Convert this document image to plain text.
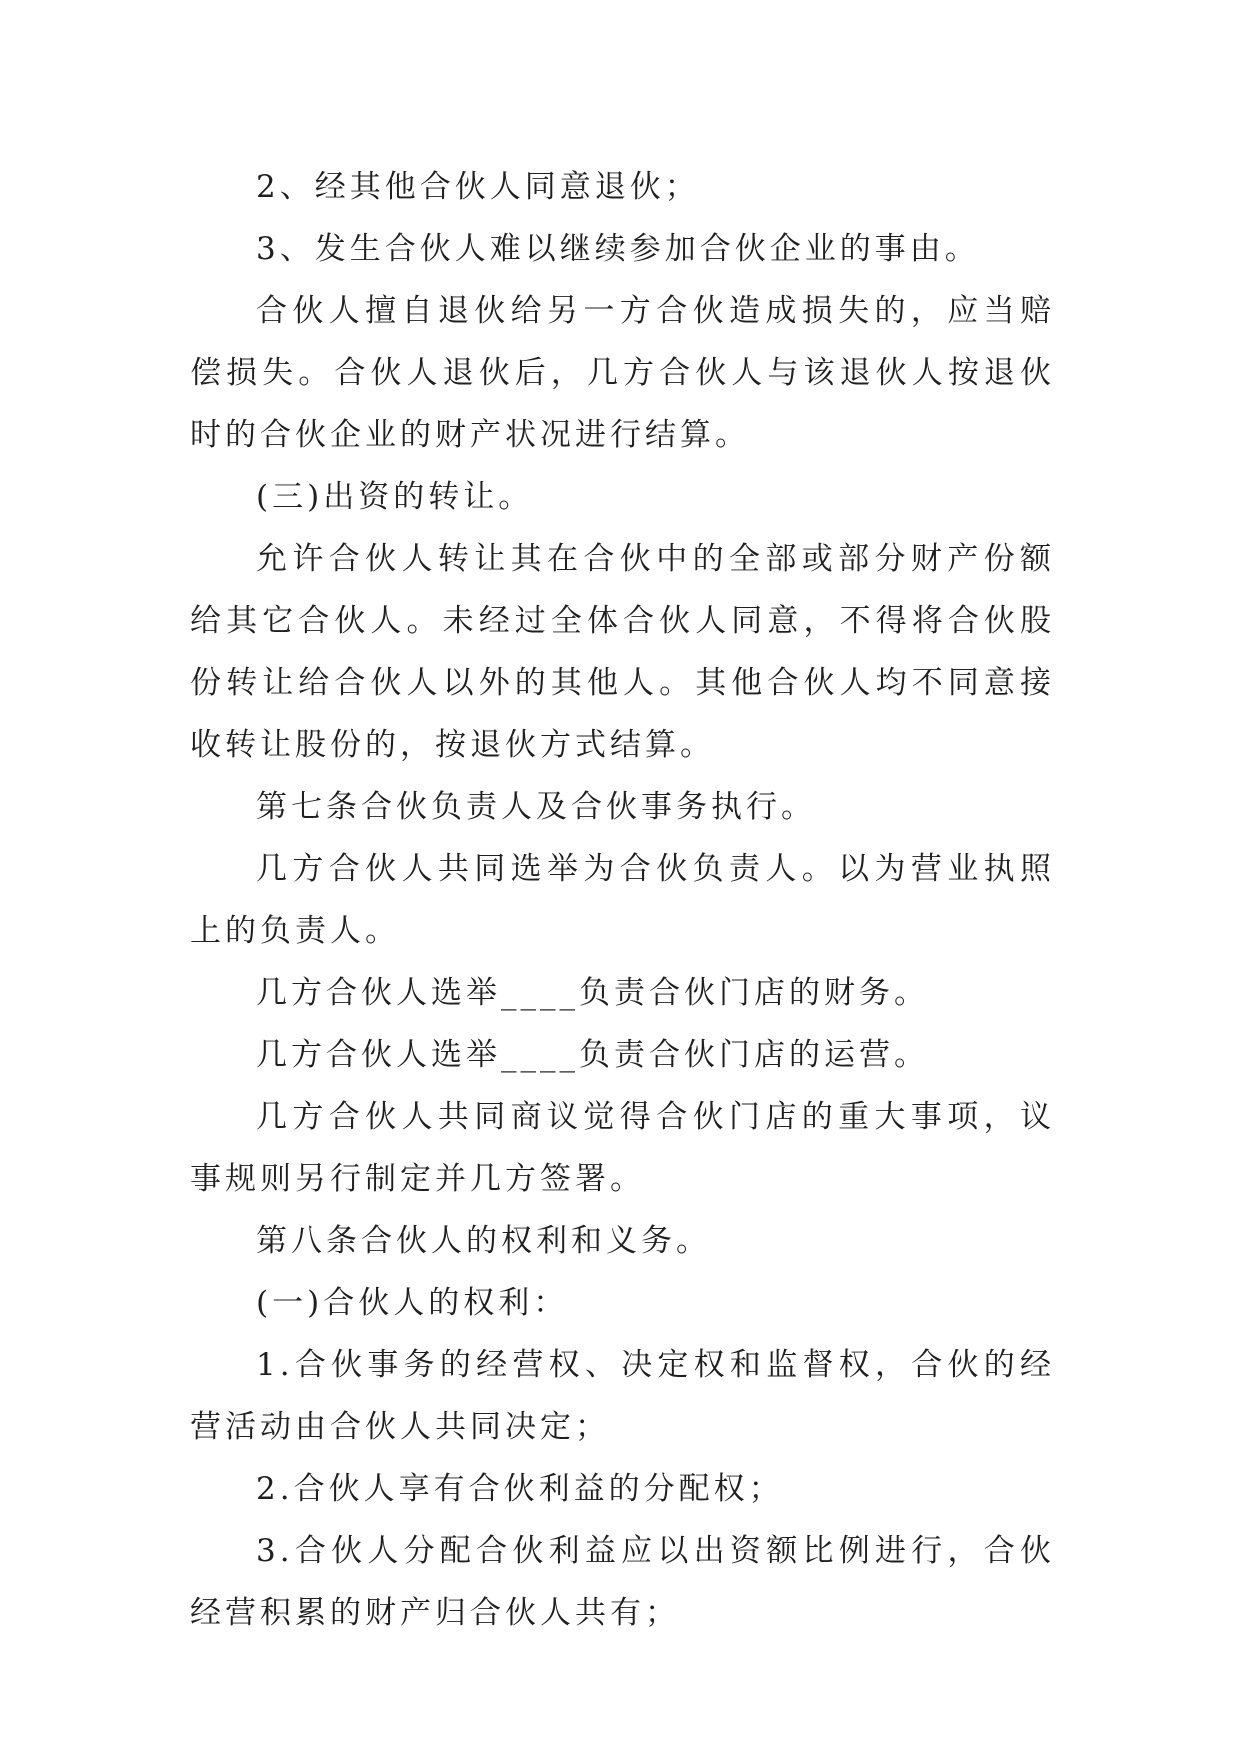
2、经其他合伙人同意退伙；

3、发生合伙人难以继续参加合伙企业的事由。

合伙人擅自退伙给另一方合伙造成损失的，应当赔偿损失。合伙人退伙后，几方合伙人与该退伙人按退伙时的合伙企业的财产状况进行结算。

(三)出资的转让。

允许合伙人转让其在合伙中的全部或部分财产份额给其它合伙人。未经过全体合伙人同意，不得将合伙股份转让给合伙人以外的其他人。其他合伙人均不同意接收转让股份的，按退伙方式结算。

第七条合伙负责人及合伙事务执行。

几方合伙人共同选举为合伙负责人。以为营业执照上的负责人。

几方合伙人选举____负责合伙门店的财务。

几方合伙人选举____负责合伙门店的运营。

几方合伙人共同商议觉得合伙门店的重大事项，议事规则另行制定并几方签署。

第八条合伙人的权利和义务。

(一)合伙人的权利：

1.合伙事务的经营权、决定权和监督权，合伙的经营活动由合伙人共同决定；

2.合伙人享有合伙利益的分配权；

3.合伙人分配合伙利益应以出资额比例进行，合伙经营积累的财产归合伙人共有；
